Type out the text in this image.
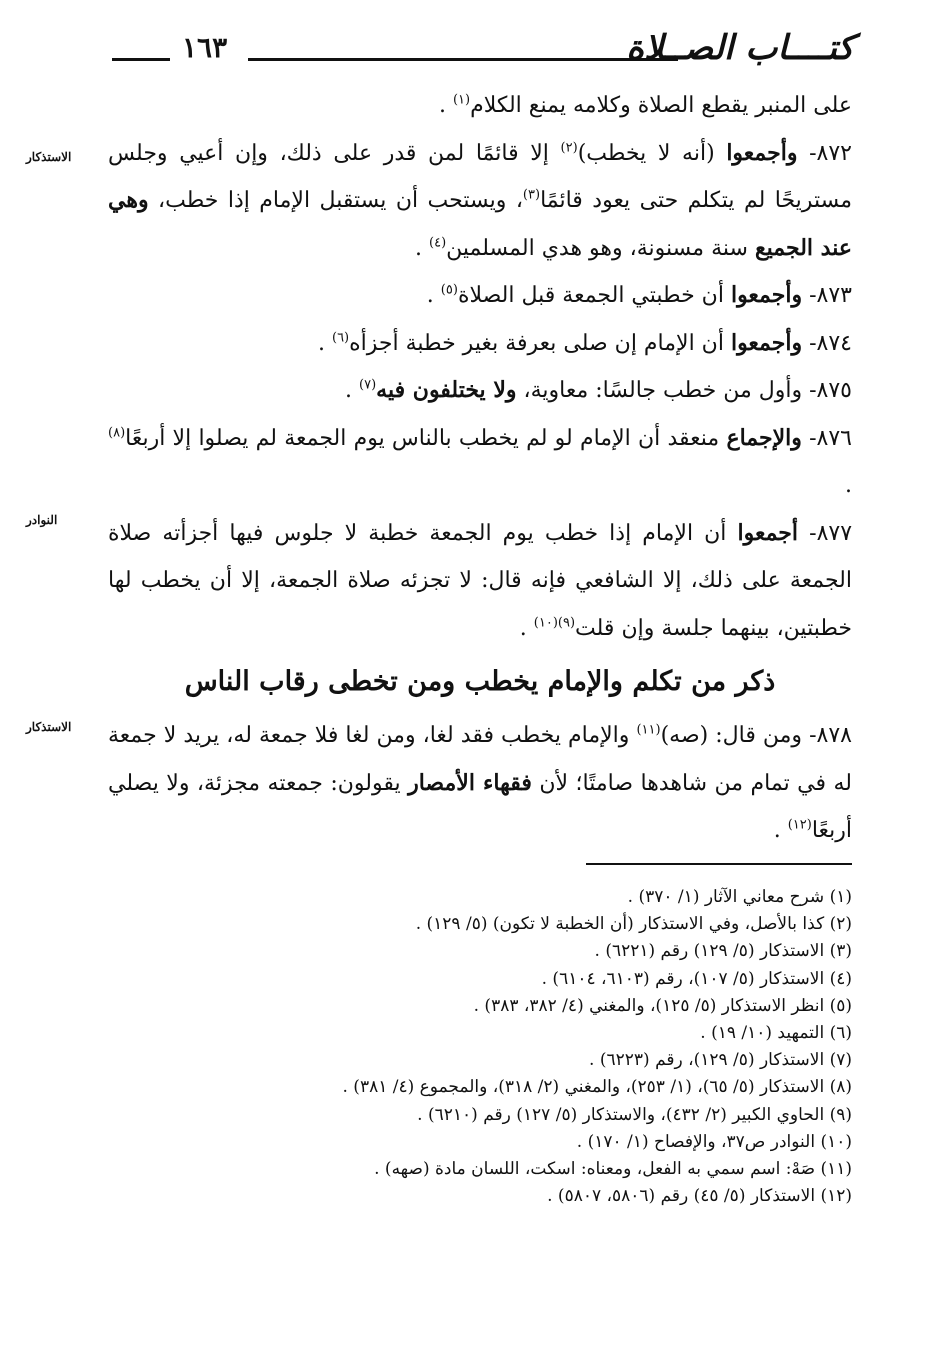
كتــــاب الصــلاة
١٦٣
الاستذكار
النوادر
الاستذكار

على المنبر يقطع الصلاة وكلامه يمنع الكلام$^{(١)}$ .

٨٧٢- وأجمعوا (أنه لا يخطب)$^{(٢)}$ إلا قائمًا لمن قدر على ذلك، وإن أعيي وجلس مستريحًا لم يتكلم حتى يعود قائمًا$^{(٣)}$، ويستحب أن يستقبل الإمام إذا خطب، وهي عند الجميع سنة مسنونة، وهو هدي المسلمين$^{(٤)}$ .

٨٧٣- وأجمعوا أن خطبتي الجمعة قبل الصلاة$^{(٥)}$ .

٨٧٤- وأجمعوا أن الإمام إن صلى بعرفة بغير خطبة أجزأه$^{(٦)}$ .

٨٧٥- وأول من خطب جالسًا: معاوية، ولا يختلفون فيه$^{(٧)}$ .

٨٧٦- والإجماع منعقد أن الإمام لو لم يخطب بالناس يوم الجمعة لم يصلوا إلا أربعًا$^{(٨)}$ .

٨٧٧- أجمعوا أن الإمام إذا خطب يوم الجمعة خطبة لا جلوس فيها أجزأته صلاة الجمعة على ذلك، إلا الشافعي فإنه قال: لا تجزئه صلاة الجمعة، إلا أن يخطب لها خطبتين، بينهما جلسة وإن قلت$^{(٩)(١٠)}$ .

ذكر من تكلم والإمام يخطب ومن تخطى رقاب الناس

٨٧٨- ومن قال: (صه)$^{(١١)}$ والإمام يخطب فقد لغا، ومن لغا فلا جمعة له، يريد لا جمعة له في تمام من شاهدها صامتًا؛ لأن فقهاء الأمصار يقولون: جمعته مجزئة، ولا يصلي أربعًا$^{(١٢)}$ .

(١) شرح معاني الآثار (١/ ٣٧٠) .

(٢) كذا بالأصل، وفي الاستذكار (أن الخطبة لا تكون) (٥/ ١٢٩) .

(٣) الاستذكار (٥/ ١٢٩) رقم (٦٢٢١) .

(٤) الاستذكار (٥/ ١٠٧)، رقم (٦١٠٣، ٦١٠٤) .

(٥) انظر الاستذكار (٥/ ١٢٥)، والمغني (٤/ ٣٨٢، ٣٨٣) .

(٦) التمهيد (١٠/ ١٩) .

(٧) الاستذكار (٥/ ١٢٩)، رقم (٦٢٢٣) .

(٨) الاستذكار (٥/ ٦٥)، (١/ ٢٥٣)، والمغني (٢/ ٣١٨)، والمجموع (٤/ ٣٨١) .

(٩) الحاوي الكبير (٢/ ٤٣٢)، والاستذكار (٥/ ١٢٧) رقم (٦٢١٠) .

(١٠) النوادر ص٣٧، والإفصاح (١/ ١٧٠) .

(١١) صَهْ: اسم سمي به الفعل، ومعناه: اسكت، اللسان مادة (صهه) .

(١٢) الاستذكار (٥/ ٤٥) رقم (٥٨٠٦، ٥٨٠٧) .
